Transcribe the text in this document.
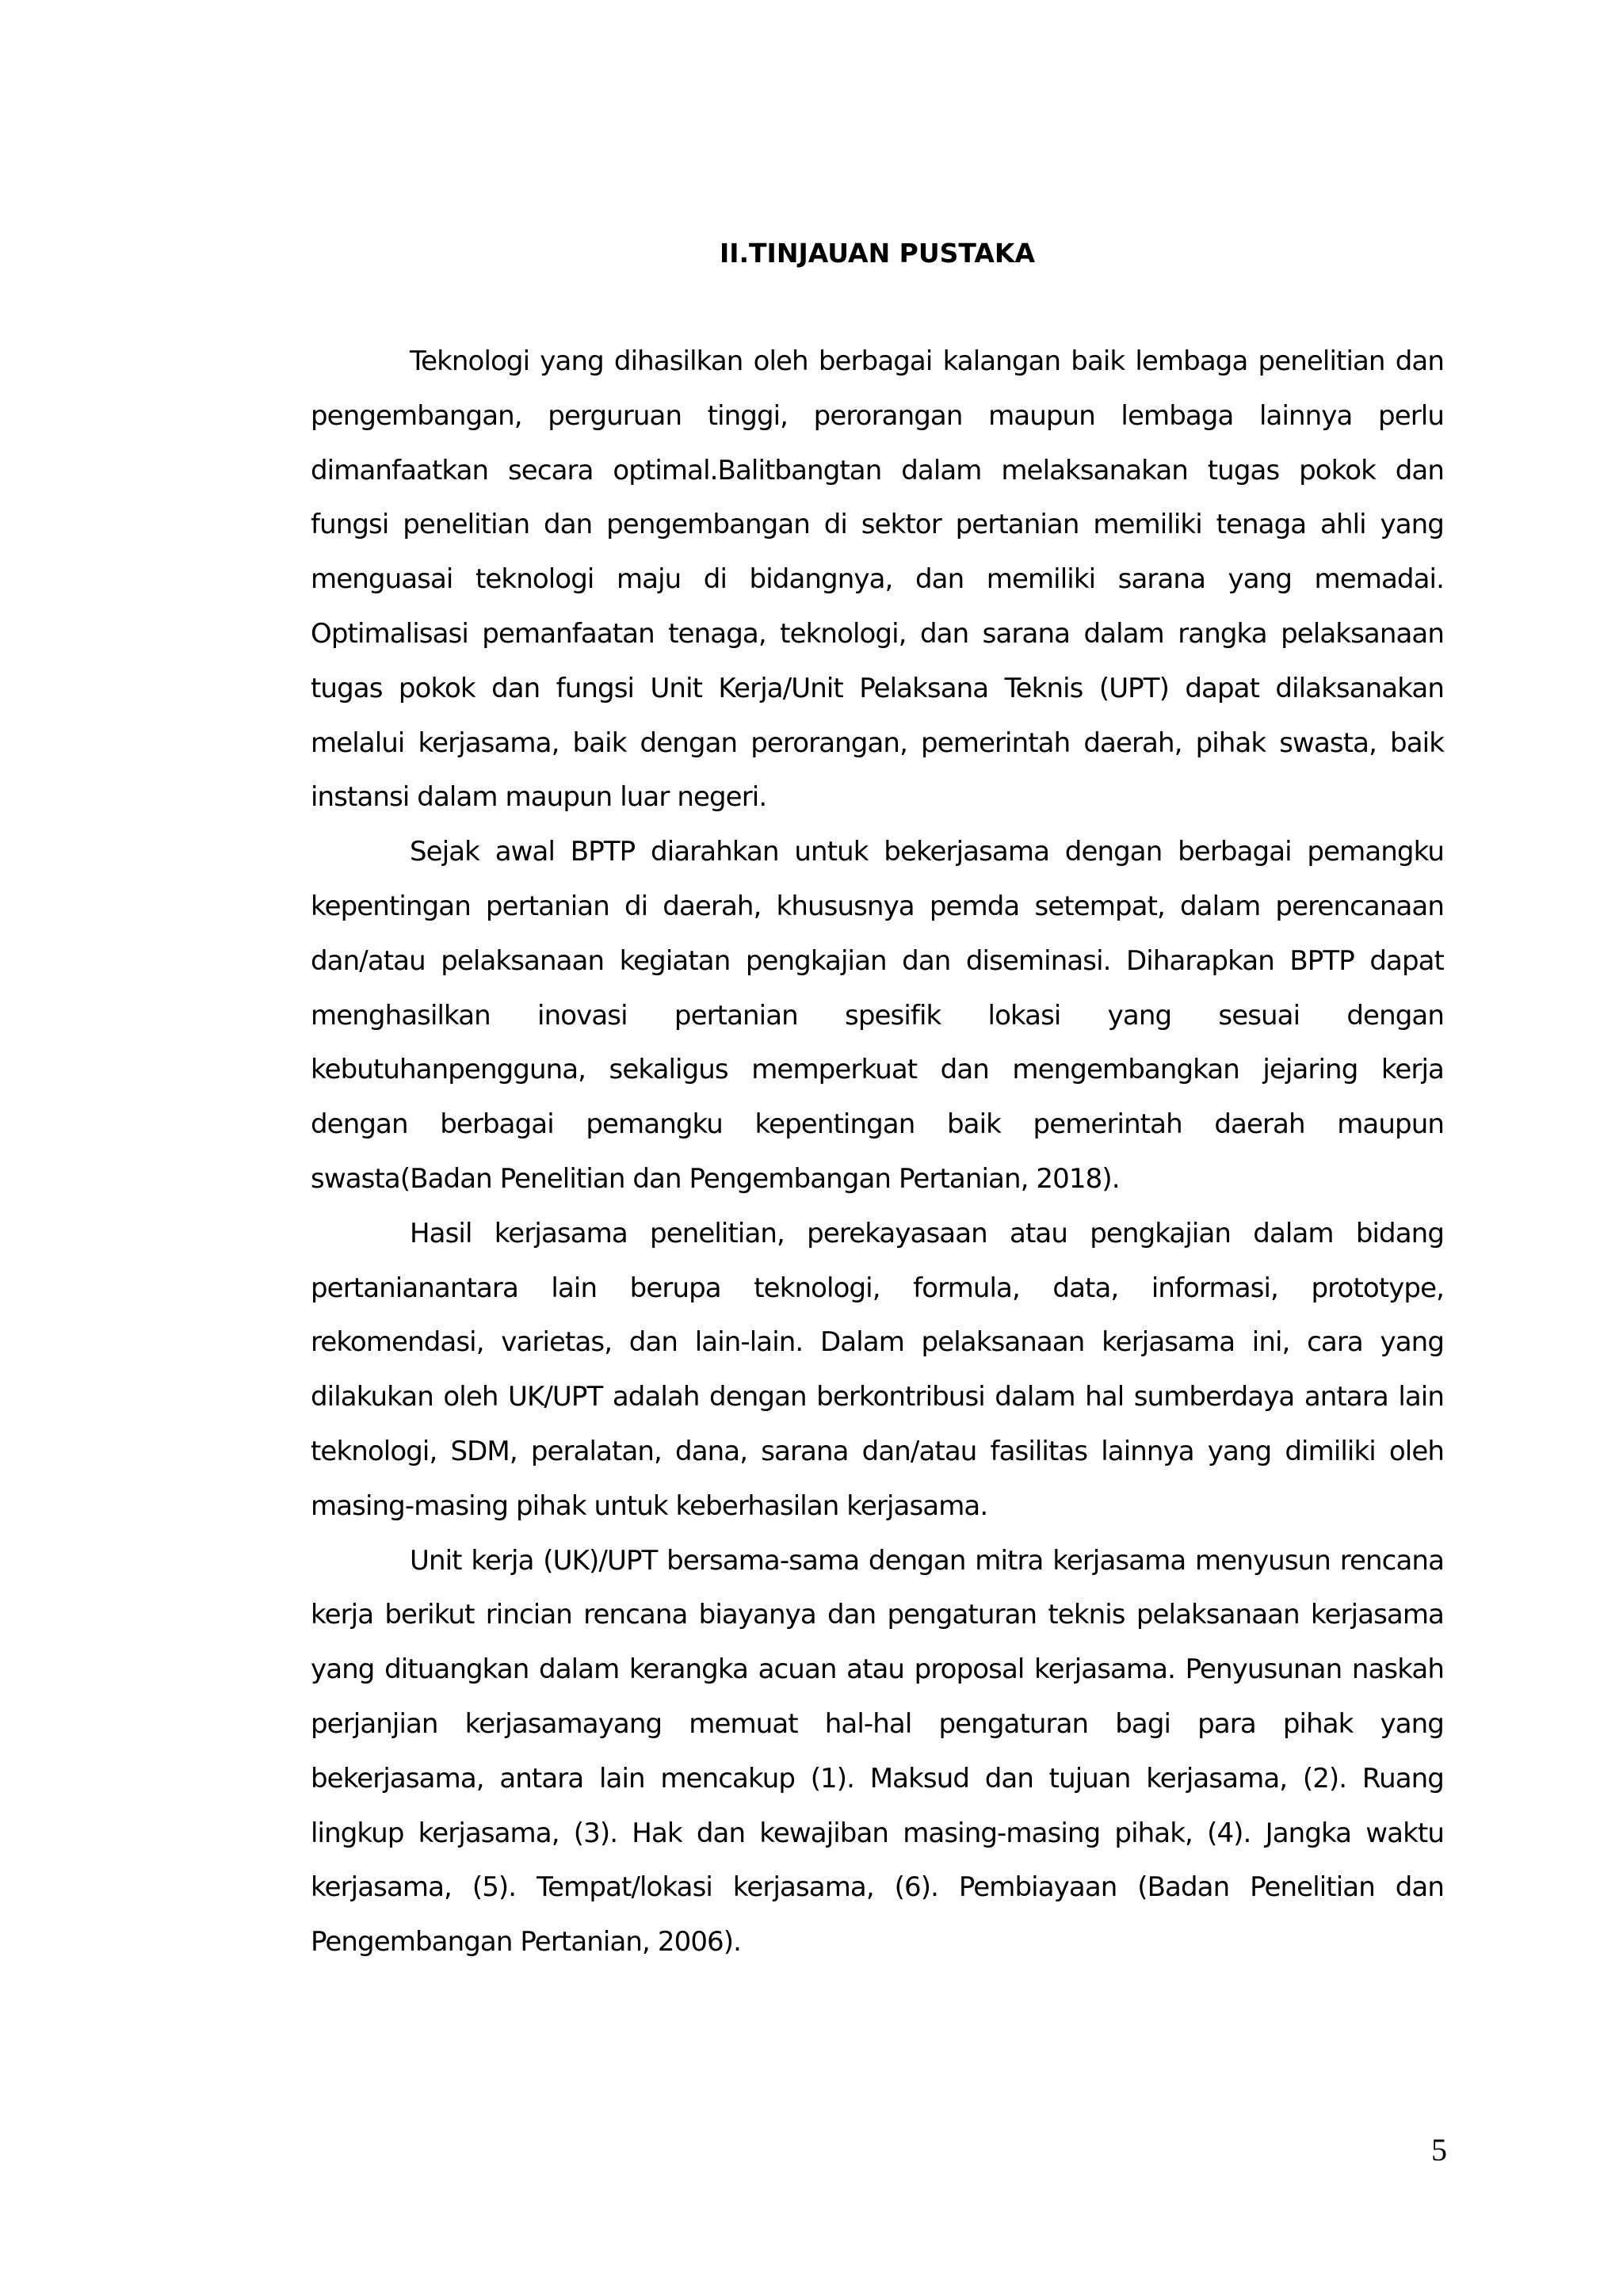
II.TINJAUAN PUSTAKA

Teknologi yang dihasilkan oleh berbagai kalangan baik lembaga penelitian dan pengembangan, perguruan tinggi, perorangan maupun lembaga lainnya perlu dimanfaatkan secara optimal.Balitbangtan dalam melaksanakan tugas pokok dan fungsi penelitian dan pengembangan di sektor pertanian memiliki tenaga ahli yang menguasai teknologi maju di bidangnya, dan memiliki sarana yang memadai. Optimalisasi pemanfaatan tenaga, teknologi, dan sarana dalam rangka pelaksanaan tugas pokok dan fungsi Unit Kerja/Unit Pelaksana Teknis (UPT) dapat dilaksanakan melalui kerjasama, baik dengan perorangan, pemerintah daerah, pihak swasta, baik instansi dalam maupun luar negeri.

Sejak awal BPTP diarahkan untuk bekerjasama dengan berbagai pemangku kepentingan pertanian di daerah, khususnya pemda setempat, dalam perencanaan dan/atau pelaksanaan kegiatan pengkajian dan diseminasi. Diharapkan BPTP dapat menghasilkan inovasi pertanian spesifik lokasi yang sesuai dengan kebutuhanpengguna, sekaligus memperkuat dan mengembangkan jejaring kerja dengan berbagai pemangku kepentingan baik pemerintah daerah maupun swasta(Badan Penelitian dan Pengembangan Pertanian, 2018).

Hasil kerjasama penelitian, perekayasaan atau pengkajian dalam bidang pertanianantara lain berupa teknologi, formula, data, informasi, prototype, rekomendasi, varietas, dan lain-lain. Dalam pelaksanaan kerjasama ini, cara yang dilakukan oleh UK/UPT adalah dengan berkontribusi dalam hal sumberdaya antara lain teknologi, SDM, peralatan, dana, sarana dan/atau fasilitas lainnya yang dimiliki oleh masing-masing pihak untuk keberhasilan kerjasama.

Unit kerja (UK)/UPT bersama-sama dengan mitra kerjasama menyusun rencana kerja berikut rincian rencana biayanya dan pengaturan teknis pelaksanaan kerjasama yang dituangkan dalam kerangka acuan atau proposal kerjasama. Penyusunan naskah perjanjian kerjasamayang memuat hal-hal pengaturan bagi para pihak yang bekerjasama, antara lain mencakup (1). Maksud dan tujuan kerjasama, (2). Ruang lingkup kerjasama, (3). Hak dan kewajiban masing-masing pihak, (4). Jangka waktu kerjasama, (5). Tempat/lokasi kerjasama, (6). Pembiayaan (Badan Penelitian dan Pengembangan Pertanian, 2006).

5
